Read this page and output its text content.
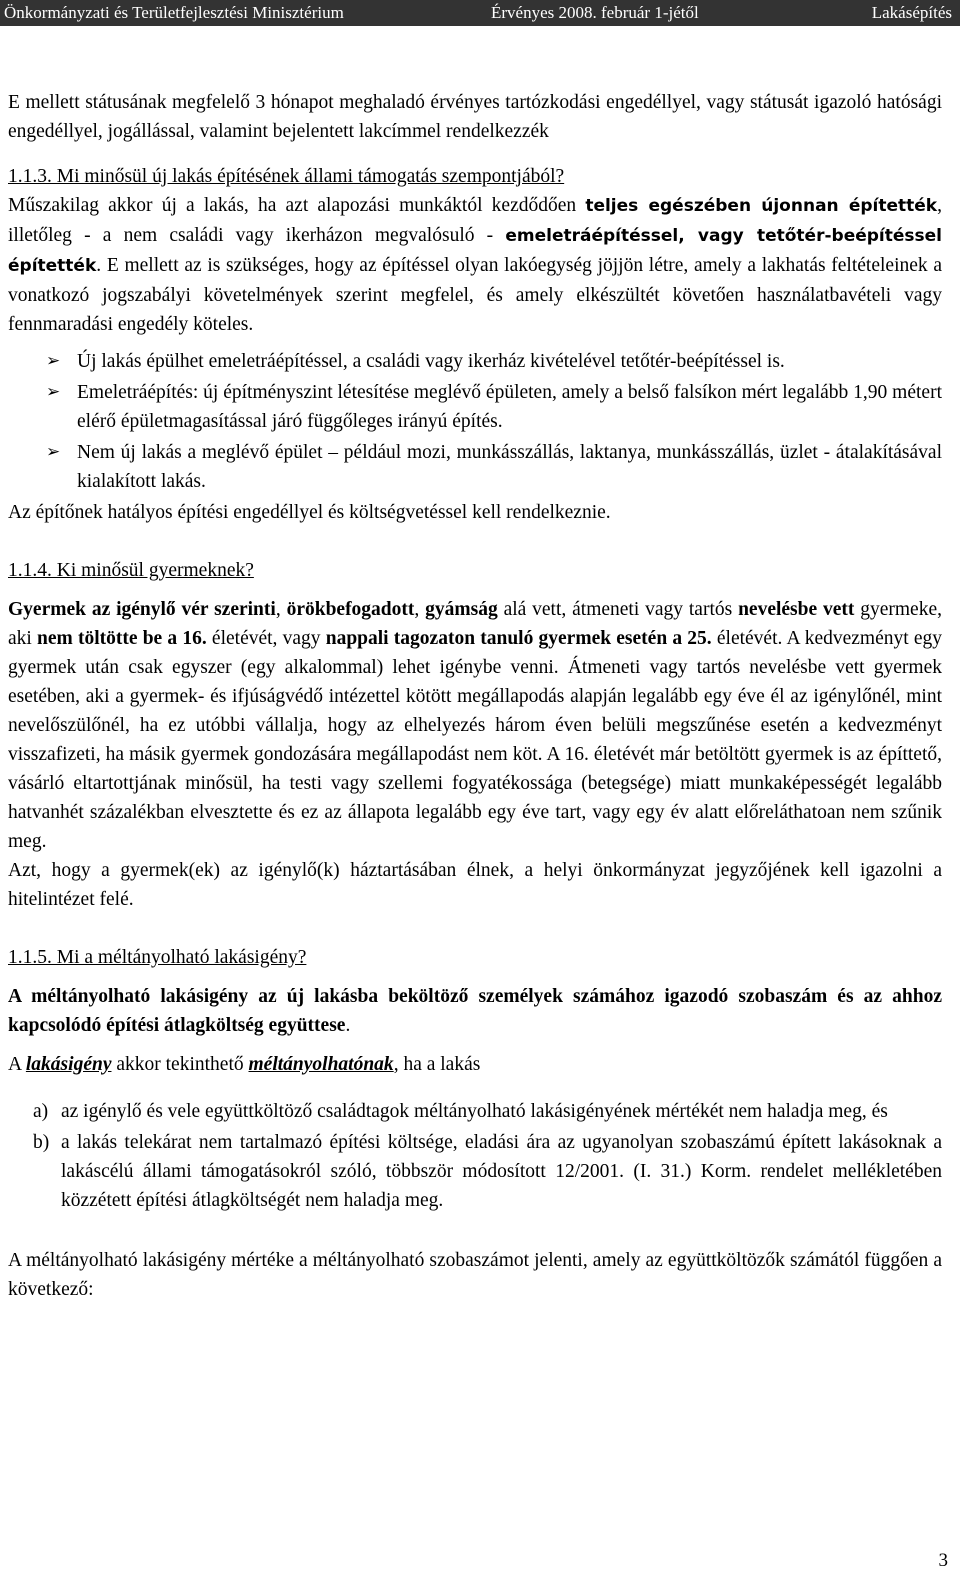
Önkormányzati és Területfejlesztési Minisztérium	Érvényes 2008. február 1-jétől	Lakásépítés

E mellett státusának megfelelő 3 hónapot meghaladó érvényes tartózkodási engedéllyel, vagy státusát igazoló hatósági engedéllyel, jogállással, valamint bejelentett lakcímmel rendelkezzék

1.1.3. Mi minősül új lakás építésének állami támogatás szempontjából?

Műszakilag akkor új a lakás, ha azt alapozási munkáktól kezdődően teljes egészében újonnan építették, illetőleg - a nem családi vagy ikerházon megvalósuló - emeletráépítéssel, vagy tetőtér-beépítéssel építették. E mellett az is szükséges, hogy az építéssel olyan lakóegység jöjjön létre, amely a lakhatás feltételeinek a vonatkozó jogszabályi követelmények szerint megfelel, és amely elkészültét követően használatbavételi vagy fennmaradási engedély köteles.

➢ Új lakás épülhet emeletráépítéssel, a családi vagy ikerház kivételével tetőtér-beépítéssel is.
➢ Emeletráépítés: új építményszint létesítése meglévő épületen, amely a belső falsíkon mért legalább 1,90 métert elérő épületmagasítással járó függőleges irányú építés.
➢ Nem új lakás a meglévő épület – például mozi, munkásszállás, laktanya, munkásszállás, üzlet - átalakításával kialakított lakás.

Az építőnek hatályos építési engedéllyel és költségvetéssel kell rendelkeznie.

1.1.4. Ki minősül gyermeknek?

Gyermek az igénylő vér szerinti, örökbefogadott, gyámság alá vett, átmeneti vagy tartós nevelésbe vett gyermeke, aki nem töltötte be a 16. életévét, vagy nappali tagozaton tanuló gyermek esetén a 25. életévét. A kedvezményt egy gyermek után csak egyszer (egy alkalommal) lehet igénybe venni. Átmeneti vagy tartós nevelésbe vett gyermek esetében, aki a gyermek- és ifjúságvédő intézettel kötött megállapodás alapján legalább egy éve él az igénylőnél, mint nevelőszülőnél, ha ez utóbbi vállalja, hogy az elhelyezés három éven belüli megszűnése esetén a kedvezményt visszafizeti, ha másik gyermek gondozására megállapodást nem köt. A 16. életévét már betöltött gyermek is az építtető, vásárló eltartottjának minősül, ha testi vagy szellemi fogyatékossága (betegsége) miatt munkaképességét legalább hatvanhét százalékban elvesztette és ez az állapota legalább egy éve tart, vagy egy év alatt előreláthatoan nem szűnik meg.

Azt, hogy a gyermek(ek) az igénylő(k) háztartásában élnek, a helyi önkormányzat jegyzőjének kell igazolni a hitelintézet felé.

1.1.5. Mi a méltányolható lakásigény?

A méltányolható lakásigény az új lakásba beköltöző személyek számához igazodó szobaszám és az ahhoz kapcsolódó építési átlagköltség együttese.

A lakásigény akkor tekinthető méltányolhatónak, ha a lakás

a) az igénylő és vele együttköltöző családtagok méltányolható lakásigényének mértékét nem haladja meg, és
b) a lakás telekárat nem tartalmazó építési költsége, eladási ára az ugyanolyan szobaszámú épített lakásoknak a lakáscélú állami támogatásokról szóló, többször módosított 12/2001. (I. 31.) Korm. rendelet mellékletében közzétett építési átlagköltségét nem haladja meg.

A méltányolható lakásigény mértéke a méltányolható szobaszámot jelenti, amely az együttköltözők számától függően a következő:

3
